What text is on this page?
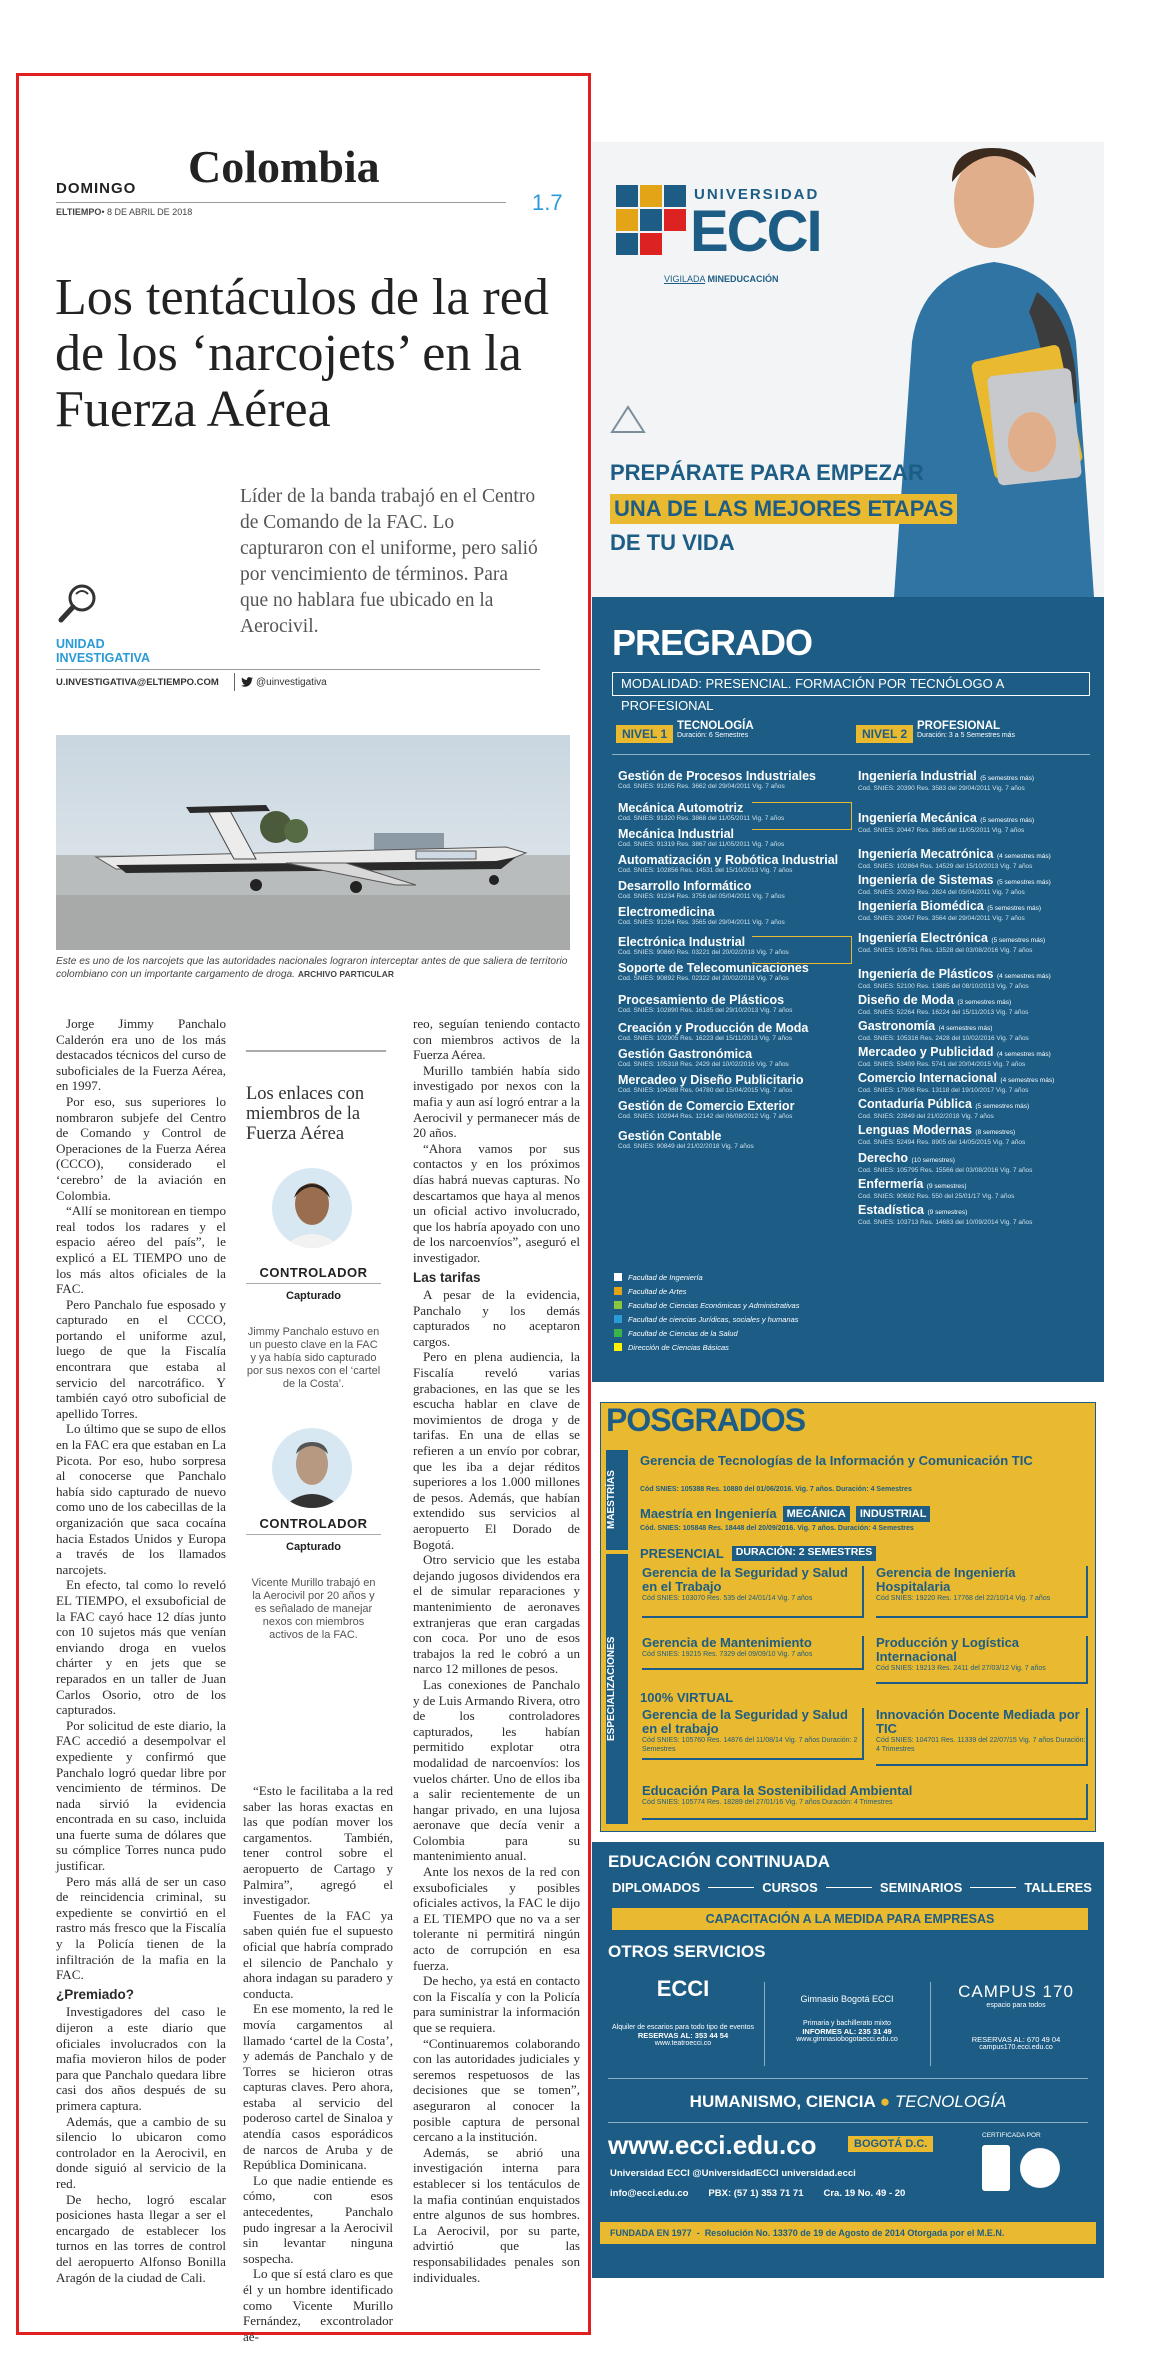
DOMINGO Colombia
1.7
ELTIEMPO• 8 DE ABRIL DE 2018
Los tentáculos de la red de los ‘narcojets’ en la Fuerza Aérea
Líder de la banda trabajó en el Centro de Comando de la FAC. Lo capturaron con el uniforme, pero salió por vencimiento de términos. Para que no hablara fue ubicado en la Aerocivil.
UNIDAD
INVESTIGATIVA
U.INVESTIGATIVA@ELTIEMPO.COM	@uinvestigativa
Este es uno de los narcojets que las autoridades nacionales lograron interceptar antes de que saliera de territorio colombiano con un importante cargamento de droga. ARCHIVO PARTICULAR

Jorge Jimmy Panchalo Calderón era uno de los más destacados técnicos del curso de suboficiales de la Fuerza Aérea, en 1997.

Por eso, sus superiores lo nombraron subjefe del Centro de Comando y Control de Operaciones de la Fuerza Aérea (CCCO), considerado el ‘cerebro’ de la aviación en Colombia.

“Allí se monitorean en tiempo real todos los radares y el espacio aéreo del país”, le explicó a EL TIEMPO uno de los más altos oficiales de la FAC.

Pero Panchalo fue esposado y capturado en el CCCO, portando el uniforme azul, luego de que la Fiscalía encontrara que estaba al servicio del narcotráfico. Y también cayó otro suboficial de apellido Torres.

Lo último que se supo de ellos en la FAC era que estaban en La Picota. Por eso, hubo sorpresa al conocerse que Panchalo había sido capturado de nuevo como uno de los cabecillas de la organización que saca cocaína hacia Estados Unidos y Europa a través de los llamados narcojets.

En efecto, tal como lo reveló EL TIEMPO, el exsuboficial de la FAC cayó hace 12 días junto con 10 sujetos más que venían enviando droga en vuelos chárter y en jets que se reparados en un taller de Juan Carlos Osorio, otro de los capturados.

Por solicitud de este diario, la FAC accedió a desempolvar el expediente y confirmó que Panchalo logró quedar libre por vencimiento de términos. De nada sirvió la evidencia encontrada en su caso, incluida una fuerte suma de dólares que su cómplice Torres nunca pudo justificar.

Pero más allá de ser un caso de reincidencia criminal, su expediente se convirtió en el rastro más fresco que la Fiscalía y la Policía tienen de la infiltración de la mafia en la FAC.

¿Premiado?

Investigadores del caso le dijeron a este diario que oficiales involucrados con la mafia movieron hilos de poder para que Panchalo quedara libre casi dos años después de su primera captura.

Además, que a cambio de su silencio lo ubicaron como controlador en la Aerocivil, en donde siguió al servicio de la red.

De hecho, logró escalar posiciones hasta llegar a ser el encargado de establecer los turnos en las torres de control del aeropuerto Alfonso Bonilla Aragón de la ciudad de Cali.

Los enlaces con miembros de la Fuerza Aérea
CONTROLADOR
Capturado
Jimmy Panchalo estuvo en un puesto clave en la FAC y ya había sido capturado por sus nexos con el ‘cartel de la Costa’.
CONTROLADOR
Capturado
Vicente Murillo trabajó en la Aerocivil por 20 años y es señalado de manejar nexos con miembros activos de la FAC.

“Esto le facilitaba a la red saber las horas exactas en las que podían mover los cargamentos. También, tener control sobre el aeropuerto de Cartago y Palmira”, agregó el investigador.

Fuentes de la FAC ya saben quién fue el supuesto oficial que habría comprado el silencio de Panchalo y ahora indagan su paradero y conducta.

En ese momento, la red le movía cargamentos al llamado ‘cartel de la Costa’, y además de Panchalo y de Torres se hicieron otras capturas claves. Pero ahora, estaba al servicio del poderoso cartel de Sinaloa y atendía casos esporádicos de narcos de Aruba y de República Dominicana.

Lo que nadie entiende es cómo, con esos antecedentes, Panchalo pudo ingresar a la Aerocivil sin levantar ninguna sospecha.

Lo que sí está claro es que él y un hombre identificado como Vicente Murillo Fernández, excontrolador aé-

reo, seguían teniendo contacto con miembros activos de la Fuerza Aérea.

Murillo también había sido investigado por nexos con la mafia y aun así logró entrar a la Aerocivil y permanecer más de 20 años.

“Ahora vamos por sus contactos y en los próximos días habrá nuevas capturas. No descartamos que haya al menos un oficial activo involucrado, que los habría apoyado con uno de los narcoenvíos”, aseguró el investigador.

Las tarifas

A pesar de la evidencia, Panchalo y los demás capturados no aceptaron cargos.

Pero en plena audiencia, la Fiscalía reveló varias grabaciones, en las que se les escucha hablar en clave de movimientos de droga y de tarifas. En una de ellas se refieren a un envío por cobrar, que les iba a dejar réditos superiores a los 1.000 millones de pesos. Además, que habían extendido sus servicios al aeropuerto El Dorado de Bogotá.

Otro servicio que les estaba dejando jugosos dividendos era el de simular reparaciones y mantenimiento de aeronaves extranjeras que eran cargadas con coca. Por uno de esos trabajos la red le cobró a un narco 12 millones de pesos.

Las conexiones de Panchalo y de Luis Armando Rivera, otro de los controladores capturados, les habían permitido explotar otra modalidad de narcoenvíos: los vuelos chárter. Uno de ellos iba a salir recientemente de un hangar privado, en una lujosa aeronave que decía venir a Colombia para su mantenimiento anual.

Ante los nexos de la red con exsuboficiales y posibles oficiales activos, la FAC le dijo a EL TIEMPO que no va a ser tolerante ni permitirá ningún acto de corrupción en esa fuerza.

De hecho, ya está en contacto con la Fiscalía y con la Policía para suministrar la información que se requiera.

“Continuaremos colaborando con las autoridades judiciales y seremos respetuosos de las decisiones que se tomen”, aseguraron al conocer la posible captura de personal cercano a la institución.

Además, se abrió una investigación interna para establecer si los tentáculos de la mafia continúan enquistados entre algunos de sus hombres. La Aerocivil, por su parte, advirtió que las responsabilidades penales son individuales.

UNIVERSIDAD
ECCI
VIGILADA MINEDUCACIÓN
PREPÁRATE PARA EMPEZAR
UNA DE LAS MEJORES ETAPAS
DE TU VIDA
PREGRADO
MODALIDAD: PRESENCIAL. FORMACIÓN POR TECNÓLOGO A PROFESIONAL
NIVEL 1
TECNOLOGÍA
Duración: 6 Semestres	NIVEL 2
PROFESIONAL
Duración: 3 a 5 Semestres más
Facultad de Ingeniería
Facultad de Artes
Facultad de Ciencias Económicas y Administrativas
Facultad de ciencias Jurídicas, sociales y humanas
Facultad de Ciencias de la Salud
Dirección de Ciencias Básicas
POSGRADOS
MAESTRÍAS
Gerencia de Tecnologías de la Información y Comunicación TIC
Cód SNIES: 105388 Res. 10880 del 01/06/2016. Vig. 7 años. Duración: 4 Semestres
Maestría en Ingeniería MECÁNICA	INDUSTRIAL
Cód. SNIES: 105848 Res. 18448 del 20/09/2016. Vig. 7 años. Duración: 4 Semestres
ESPECIALIZACIONES
PRESENCIAL	DURACIÓN: 2 SEMESTRES
Gerencia de la Seguridad y Salud en el Trabajo
Cód SNIES: 103070 Res. 535 del 24/01/14 Vig. 7 años
Gerencia de Ingeniería Hospitalaria
Cód SNIES: 19220 Res. 17768 del 22/10/14 Vig. 7 años
Gerencia de Mantenimiento
Cód SNIES: 19215 Res. 7329 del 09/09/10 Vig. 7 años
Producción y Logística Internacional
Cód SNIES: 19213 Res. 2411 del 27/03/12 Vig. 7 años
100% VIRTUAL
Gerencia de la Seguridad y Salud en el trabajo
Cód SNIES: 105760 Res. 14876 del 11/08/14 Vig. 7 años Duración: 2 Semestres
Innovación Docente Mediada por TIC
Cód SNIES: 104701 Res. 11339 del 22/07/15 Vig. 7 años Duración: 4 Trimestres
Educación Para la Sostenibilidad Ambiental
Cód SNIES: 105774 Res. 18289 del 27/01/16 Vig. 7 años Duración: 4 Trimestres
EDUCACIÓN CONTINUADA
DIPLOMADOS	CURSOS	SEMINARIOS	TALLERES
CAPACITACIÓN A LA MEDIDA PARA EMPRESAS
OTROS SERVICIOS
ECCI
Alquiler de escarios para todo tipo de eventos
RESERVAS AL: 353 44 54
www.teatroecci.co
Gimnasio Bogotá ECCI
Primaria y bachillerato mixto
INFORMES AL: 235 31 49
www.gimnasiobogotaecci.edu.co
CAMPUS 170
espacio para todos
RESERVAS AL: 670 49 04
campus170.ecci.edu.co
HUMANISMO, CIENCIA ● TECNOLOGÍA
www.ecci.edu.co	BOGOTÁ D.C.
Universidad ECCI @UniversidadECCI universidad.ecci
info@ecci.edu.co PBX: (57 1) 353 71 71 Cra. 19 No. 49 - 20
CERTIFICADA POR
FUNDADA EN 1977  -  Resolución No. 13370 de 19 de Agosto de 2014 Otorgada por el M.E.N.
Gestión de Procesos Industriales
Cod. SNIES: 91265 Res. 3662 del 29/04/2011 Vig. 7 años
Mecánica Automotriz
Cod. SNIES: 91320 Res. 3868 del 11/05/2011 Vig. 7 años
Mecánica Industrial
Cod. SNIES: 91319 Res. 3867 del 11/05/2011 Vig. 7 años
Automatización y Robótica Industrial
Cod. SNIES: 102856 Res. 14531 del 15/10/2013 Vig. 7 años
Desarrollo Informático
Cod. SNIES: 91234 Res. 3756 del 05/04/2011 Vig. 7 años
Electromedicina
Cod. SNIES: 91264 Res. 3565 del 29/04/2011 Vig. 7 años
Electrónica Industrial
Cod. SNIES: 90860 Res. 03221 del 20/02/2018 Vig. 7 años
Soporte de Telecomunicaciones
Cod. SNIES: 90892 Res. 02322 del 20/02/2018 Vig. 7 años
Procesamiento de Plásticos
Cod. SNIES: 102890 Res. 16185 del 29/10/2013 Vig. 7 años
Creación y Producción de Moda
Cod. SNIES: 102905 Res. 16223 del 15/11/2013 Vig. 7 años
Gestión Gastronómica
Cod. SNIES: 105318 Res. 2429 del 10/02/2016 Vig. 7 años
Mercadeo y Diseño Publicitario
Cod. SNIES: 104388 Res. 04780 del 15/04/2015 Vig. 7 años
Gestión de Comercio Exterior
Cod. SNIES: 102944 Res. 12142 del 06/08/2012 Vig. 7 años
Gestión Contable
Cod. SNIES: 90849 del 21/02/2018 Vig. 7 años
Ingeniería Industrial (5 semestres más)
Cod. SNIES: 20390 Res. 3583 del 29/04/2011 Vig. 7 años
Ingeniería Mecánica (5 semestres más)
Cod. SNIES: 20447 Res. 3865 del 11/05/2011 Vig. 7 años
Ingeniería Mecatrónica (4 semestres más)
Cod. SNIES: 102864 Res. 14529 del 15/10/2013 Vig. 7 años
Ingeniería de Sistemas (5 semestres más)
Cod. SNIES: 20029 Res. 2824 del 05/04/2011 Vig. 7 años
Ingeniería Biomédica (5 semestres más)
Cod. SNIES: 20047 Res. 3564 del 29/04/2011 Vig. 7 años
Ingeniería Electrónica (5 semestres más)
Cod. SNIES: 105761 Res. 13528 del 03/08/2016 Vig. 7 años
Ingeniería de Plásticos (4 semestres más)
Cod. SNIES: 52100 Res. 13885 del 08/10/2013 Vig. 7 años
Diseño de Moda (3 semestres más)
Cod. SNIES: 52264 Res. 16224 del 15/11/2013 Vig. 7 años
Gastronomía (4 semestres más)
Cod. SNIES: 105316 Res. 2428 del 10/02/2016 Vig. 7 años
Mercadeo y Publicidad (4 semestres más)
Cod. SNIES: 53409 Res. 5741 del 20/04/2015 Vig. 7 años
Comercio Internacional (4 semestres más)
Cod. SNIES: 17908 Res. 13118 del 19/10/2017 Vig. 7 años
Contaduría Pública (5 semestres más)
Cod. SNIES: 22849 del 21/02/2018 Vig. 7 años
Lenguas Modernas (8 semestres)
Cod. SNIES: 52494 Res. 8905 del 14/05/2015 Vig. 7 años
Derecho (10 semestres)
Cod. SNIES: 105795 Res. 15566 del 03/08/2016 Vig. 7 años
Enfermería (9 semestres)
Cod. SNIES: 90692 Res. 550 del 25/01/17 Vig. 7 años
Estadística (9 semestres)
Cod. SNIES: 103713 Res. 14683 del 10/09/2014 Vig. 7 años
